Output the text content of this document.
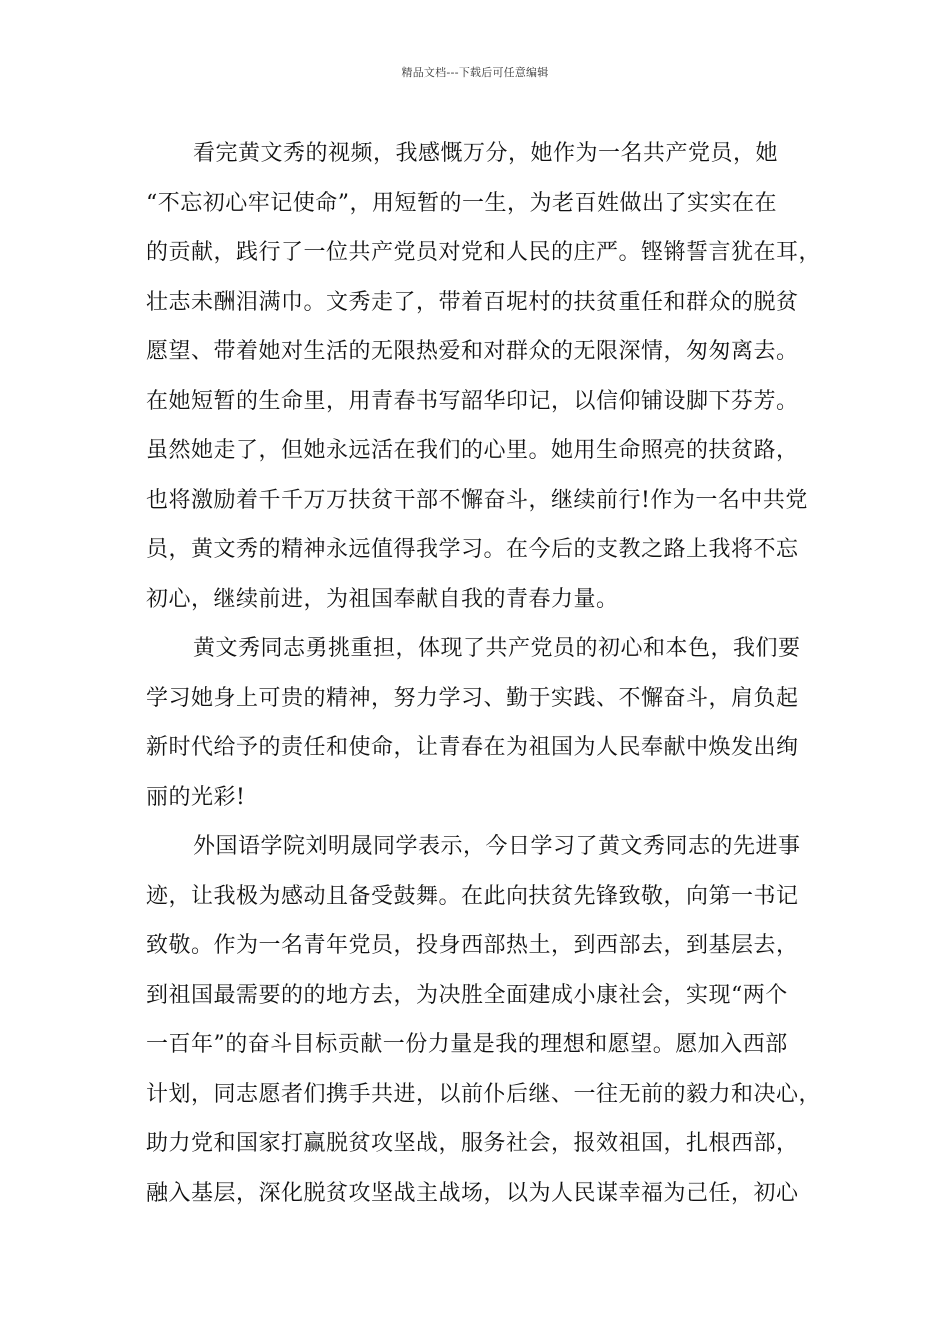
精品文档---下载后可任意编辑
看完黄文秀的视频，我感慨万分，她作为一名共产党员，她
“不忘初心牢记使命”，用短暂的一生，为老百姓做出了实实在在
的贡献，践行了一位共产党员对党和人民的庄严。铿锵誓言犹在耳，
壮志未酬泪满巾。文秀走了，带着百坭村的扶贫重任和群众的脱贫
愿望、带着她对生活的无限热爱和对群众的无限深情，匆匆离去。
在她短暂的生命里，用青春书写韶华印记，以信仰铺设脚下芬芳。
虽然她走了，但她永远活在我们的心里。她用生命照亮的扶贫路，
也将激励着千千万万扶贫干部不懈奋斗，继续前行!作为一名中共党
员，黄文秀的精神永远值得我学习。在今后的支教之路上我将不忘
初心，继续前进，为祖国奉献自我的青春力量。
黄文秀同志勇挑重担，体现了共产党员的初心和本色，我们要
学习她身上可贵的精神，努力学习、勤于实践、不懈奋斗，肩负起
新时代给予的责任和使命，让青春在为祖国为人民奉献中焕发出绚
丽的光彩!
外国语学院刘明晟同学表示，今日学习了黄文秀同志的先进事
迹，让我极为感动且备受鼓舞。在此向扶贫先锋致敬，向第一书记
致敬。作为一名青年党员，投身西部热土，到西部去，到基层去，
到祖国最需要的的地方去，为决胜全面建成小康社会，实现“两个
一百年”的奋斗目标贡献一份力量是我的理想和愿望。愿加入西部
计划，同志愿者们携手共进，以前仆后继、一往无前的毅力和决心，
助力党和国家打赢脱贫攻坚战，服务社会，报效祖国，扎根西部，
融入基层，深化脱贫攻坚战主战场，以为人民谋幸福为己任，初心
